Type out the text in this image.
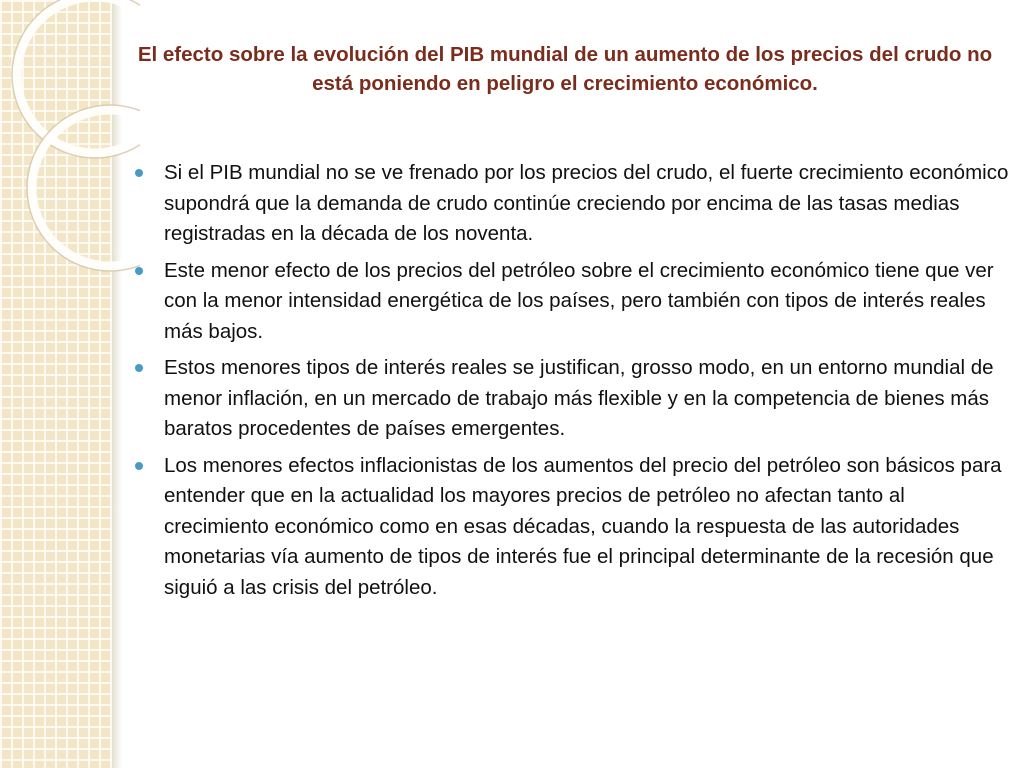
El efecto sobre la evolución del PIB mundial de un aumento de los precios del crudo no está poniendo en peligro el crecimiento económico.
Si el PIB mundial no se ve frenado por los precios del crudo, el fuerte crecimiento económico supondrá que la demanda de crudo continúe creciendo por encima de las tasas medias registradas en la década de los noventa.
Este menor efecto de los precios del petróleo sobre el crecimiento económico tiene que ver con la menor intensidad energética de los países, pero también con tipos de interés reales más bajos.
Estos menores tipos de interés reales se justifican, grosso modo, en un entorno mundial de menor inflación, en un mercado de trabajo más flexible y en la competencia de bienes más baratos procedentes de países emergentes.
Los menores efectos inflacionistas de los aumentos del precio del petróleo son básicos para entender que en la actualidad los mayores precios de petróleo no afectan tanto al crecimiento económico como en esas décadas, cuando la respuesta de las autoridades monetarias vía aumento de tipos de interés fue el principal determinante de la recesión que siguió a las crisis del petróleo.
